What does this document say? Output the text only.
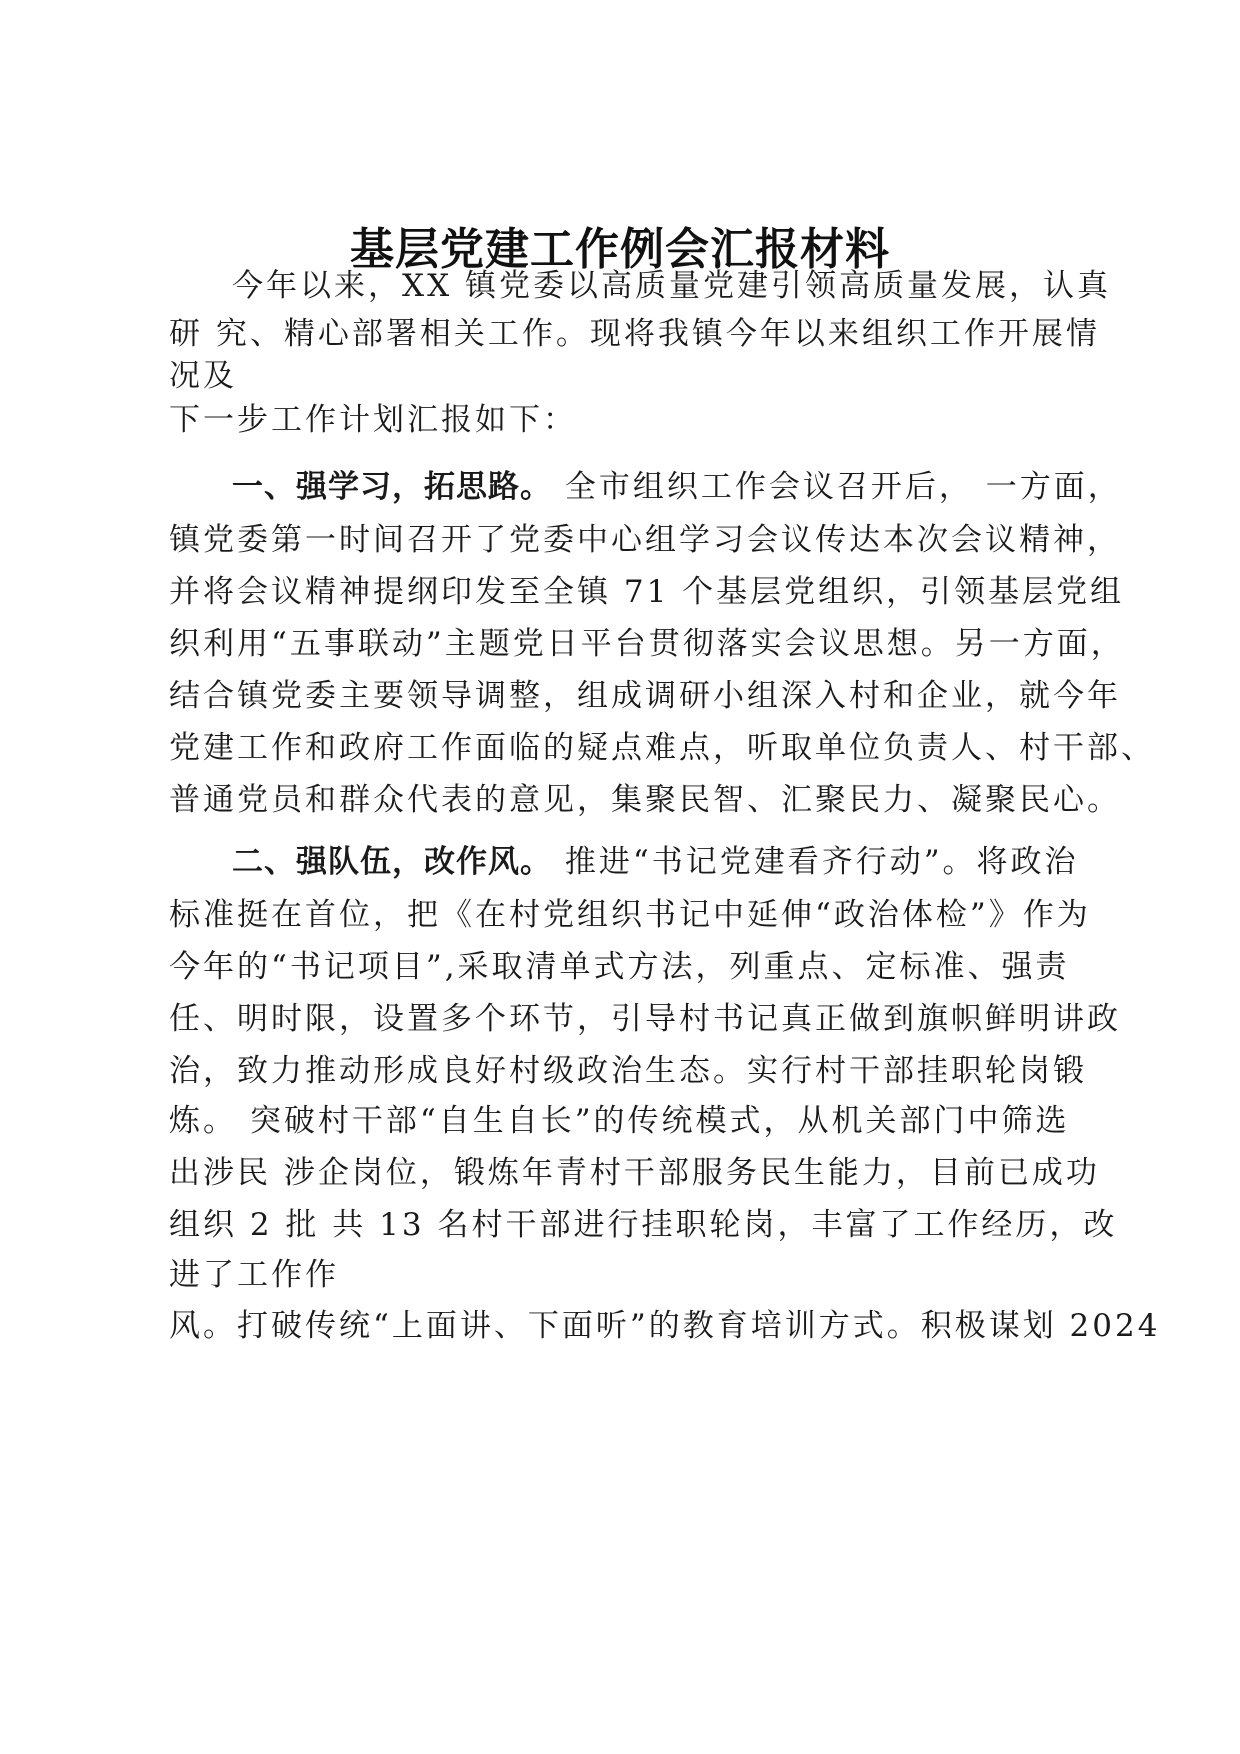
基层党建工作例会汇报材料
今年以来，XX 镇党委以高质量党建引领高质量发展，认真
研 究、精心部署相关工作。现将我镇今年以来组织工作开展情
况及
下一步工作计划汇报如下：
一、强学习，拓思路。 全市组织工作会议召开后， 一方面，
镇党委第一时间召开了党委中心组学习会议传达本次会议精神，
并将会议精神提纲印发至全镇 71 个基层党组织，引领基层党组
织利用“五事联动”主题党日平台贯彻落实会议思想。另一方面，
结合镇党委主要领导调整，组成调研小组深入村和企业，就今年
党建工作和政府工作面临的疑点难点，听取单位负责人、村干部、
普通党员和群众代表的意见，集聚民智、汇聚民力、凝聚民心。
二、强队伍，改作风。 推进“书记党建看齐行动”。将政治
标准挺在首位，把《在村党组织书记中延伸“政治体检”》作为
今年的“书记项目”,采取清单式方法，列重点、定标准、强责
任、明时限，设置多个环节，引导村书记真正做到旗帜鲜明讲政
治，致力推动形成良好村级政治生态。实行村干部挂职轮岗锻
炼。 突破村干部“自生自长”的传统模式，从机关部门中筛选
出涉民 涉企岗位，锻炼年青村干部服务民生能力，目前已成功
组织 2 批 共 13 名村干部进行挂职轮岗，丰富了工作经历，改
进了工作作
风。打破传统“上面讲、下面听”的教育培训方式。积极谋划 2024
